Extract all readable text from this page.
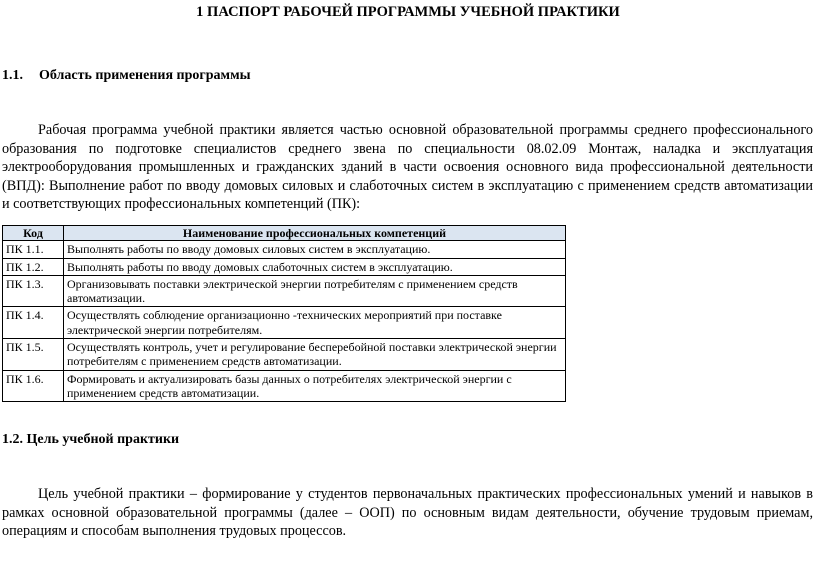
1 ПАСПОРТ РАБОЧЕЙ ПРОГРАММЫ УЧЕБНОЙ ПРАКТИКИ
1.1. Область применения программы

Рабочая программа учебной практики является частью основной образовательной программы среднего профессионального образования по подготовке специалистов среднего звена по специальности 08.02.09 Монтаж, наладка и эксплуатация электрооборудования промышленных и гражданских зданий в части освоения основного вида профессиональной деятельности (ВПД): Выполнение работ по вводу домовых силовых и слаботочных систем в эксплуатацию с применением средств автоматизации и соответствующих профессиональных компетенций (ПК):

Код	Наименование профессиональных компетенций
ПК 1.1.	Выполнять работы по вводу домовых силовых систем в эксплуатацию.
ПК 1.2.	Выполнять работы по вводу домовых слаботочных систем в эксплуатацию.
ПК 1.3.	Организовывать поставки электрической энергии потребителям с применением средств автоматизации.
ПК 1.4.	Осуществлять соблюдение организационно -технических мероприятий при поставке электрической энергии потребителям.
ПК 1.5.	Осуществлять контроль, учет и регулирование бесперебойной поставки электрической энергии потребителям с применением средств автоматизации.
ПК 1.6.	Формировать и актуализировать базы данных о потребителях электрической энергии с применением средств автоматизации.
1.2. Цель учебной практики

Цель учебной практики – формирование у студентов первоначальных практических профессиональных умений и навыков в рамках основной образовательной программы (далее – ООП) по основным видам деятельности, обучение трудовым приемам, операциям и способам выполнения трудовых процессов.
